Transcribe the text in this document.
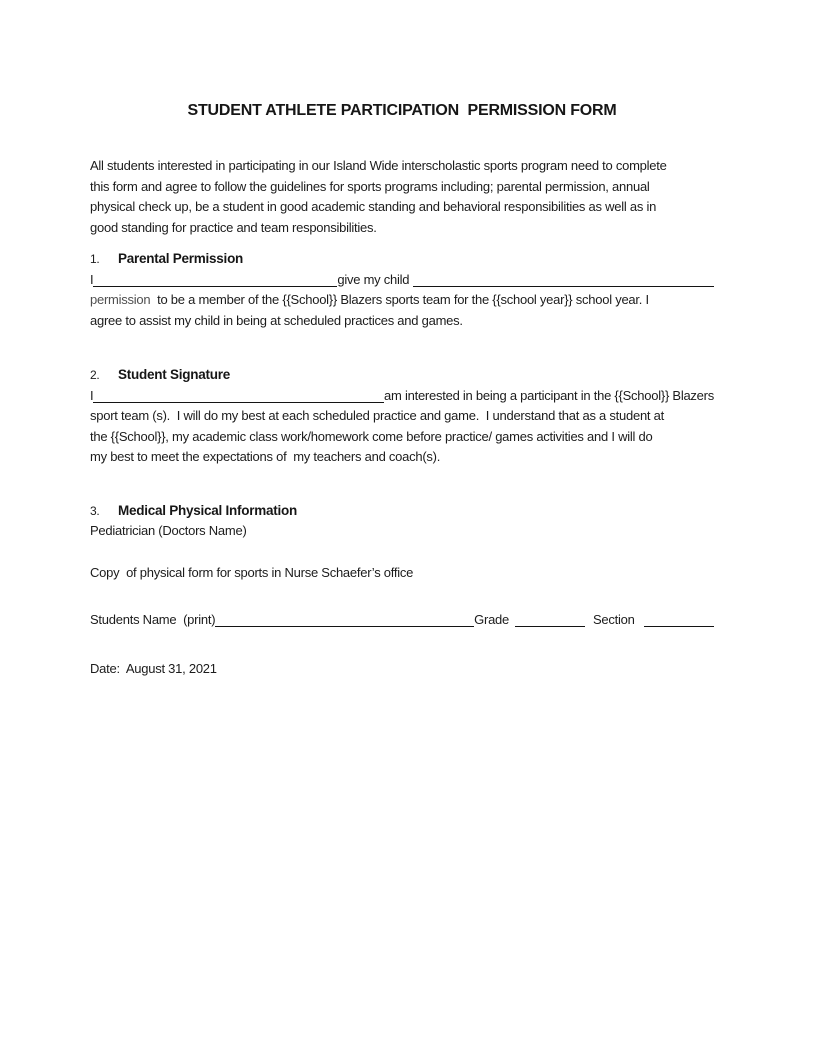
STUDENT ATHLETE PARTICIPATION  PERMISSION FORM
All students interested in participating in our Island Wide interscholastic sports program need to complete
this form and agree to follow the guidelines for sports programs including; parental permission, annual
physical check up, be a student in good academic standing and behavioral responsibilities as well as in
good standing for practice and team responsibilities.
1. Parental Permission
I	give my child
permission  to be a member of the {{School}} Blazers sports team for the {{school year}} school year. I
agree to assist my child in being at scheduled practices and games.
2. Student Signature
I	am interested in being a participant in the {{School}} Blazers
sport team (s).  I will do my best at each scheduled practice and game.  I understand that as a student at
the {{School}}, my academic class work/homework come before practice/ games activities and I will do
my best to meet the expectations of  my teachers and coach(s).
3. Medical Physical Information
Pediatrician (Doctors Name)
Copy  of physical form for sports in Nurse Schaefer’s office
Students Name  (print)	Grade	Section
Date:  August 31, 2021
